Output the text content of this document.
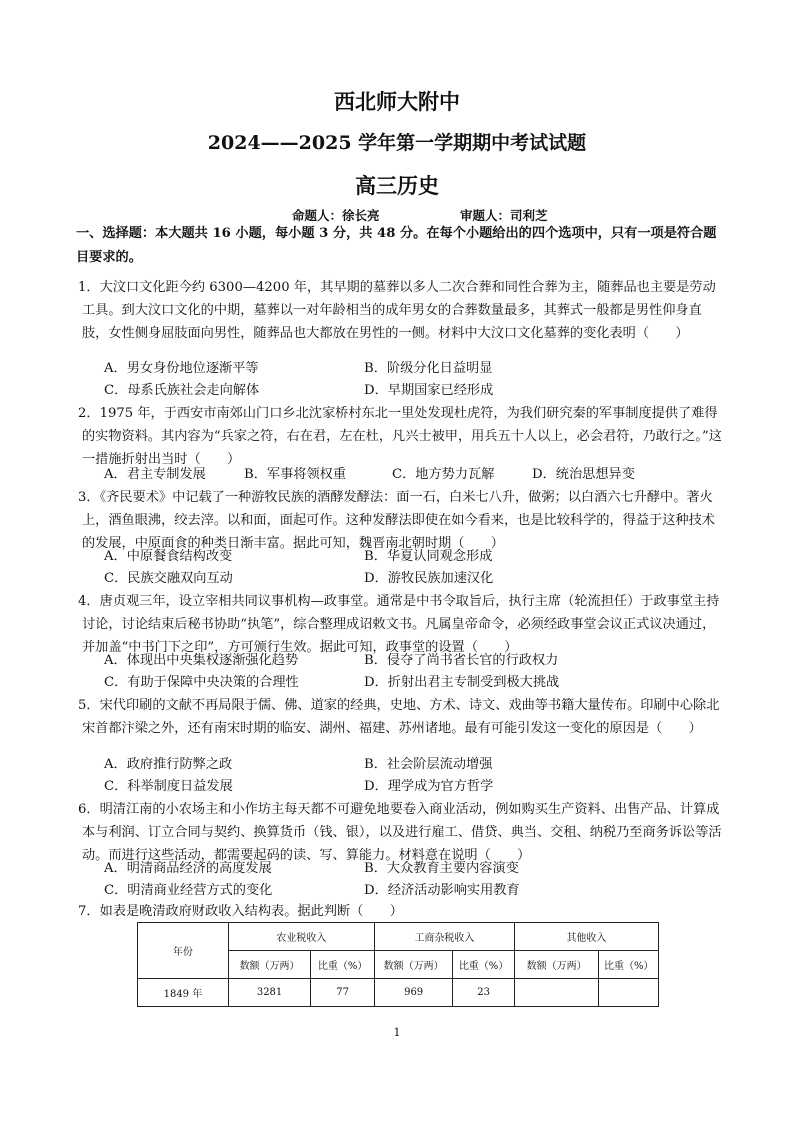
西北师大附中
2024——2025 学年第一学期期中考试试题
高三历史
命题人：徐长亮	审题人：司利芝
一、选择题：本大题共 16 小题，每小题 3 分，共 48 分。在每个小题给出的四个选项中，只有一项是符合题目要求的。
1．大汶口文化距今约 6300—4200 年，其早期的墓葬以多人二次合葬和同性合葬为主，随葬品也主要是劳动工具。到大汶口文化的中期，墓葬以一对年龄相当的成年男女的合葬数量最多，其葬式一般都是男性仰身直肢，女性侧身屈肢面向男性，随葬品也大都放在男性的一侧。材料中大汶口文化墓葬的变化表明（　　）
A．男女身份地位逐渐平等	B．阶级分化日益明显
C．母系氏族社会走向解体	D．早期国家已经形成
2．1975 年，于西安市南郊山门口乡北沈家桥村东北一里处发现杜虎符，为我们研究秦的军事制度提供了难得的实物资料。其内容为“兵家之符，右在君，左在杜，凡兴士被甲，用兵五十人以上，必会君符，乃敢行之。”这一措施折射出当时（　　）
A．君主专制发展	B．军事将领权重	C．地方势力瓦解	D．统治思想异变
3．《齐民要术》中记载了一种游牧民族的酒酵发酵法：面一石，白米七八升，做粥；以白酒六七升酵中。著火上，酒鱼眼沸，绞去滓。以和面，面起可作。这种发酵法即使在如今看来，也是比较科学的，得益于这种技术的发展，中原面食的种类日渐丰富。据此可知，魏晋南北朝时期（　　）
A．中原餐食结构改变	B．华夏认同观念形成
C．民族交融双向互动	D．游牧民族加速汉化
4．唐贞观三年，设立宰相共同议事机构—政事堂。通常是中书令取旨后，执行主席（轮流担任）于政事堂主持讨论，讨论结束后秘书协助“执笔”，综合整理成诏敕文书。凡属皇帝命令，必须经政事堂会议正式议决通过，并加盖“中书门下之印”，方可颁行生效。据此可知，政事堂的设置（　　）
A．体现出中央集权逐渐强化趋势	B．侵夺了尚书省长官的行政权力
C．有助于保障中央决策的合理性	D．折射出君主专制受到极大挑战
5．宋代印刷的文献不再局限于儒、佛、道家的经典，史地、方术、诗文、戏曲等书籍大量传布。印刷中心除北宋首都汴梁之外，还有南宋时期的临安、湖州、福建、苏州诸地。最有可能引发这一变化的原因是（　　）
A．政府推行防弊之政	B．社会阶层流动增强
C．科举制度日益发展	D．理学成为官方哲学
6．明清江南的小农场主和小作坊主每天都不可避免地要卷入商业活动，例如购买生产资料、出售产品、计算成本与利润、订立合同与契约、换算货币（钱、银），以及进行雇工、借贷、典当、交租、纳税乃至商务诉讼等活动。而进行这些活动，都需要起码的读、写、算能力。材料意在说明（　　）
A．明清商品经济的高度发展	B．大众教育主要内容演变
C．明清商业经营方式的变化	D．经济活动影响实用教育
7．如表是晚清政府财政收入结构表。据此判断（　　）
年份	农业税收入		工商杂税收入		其他收入	
	数额（万两）	比重（%）	数额（万两）	比重（%）	数额（万两）	比重（%）
1849 年	3281	77	969	23		
1
